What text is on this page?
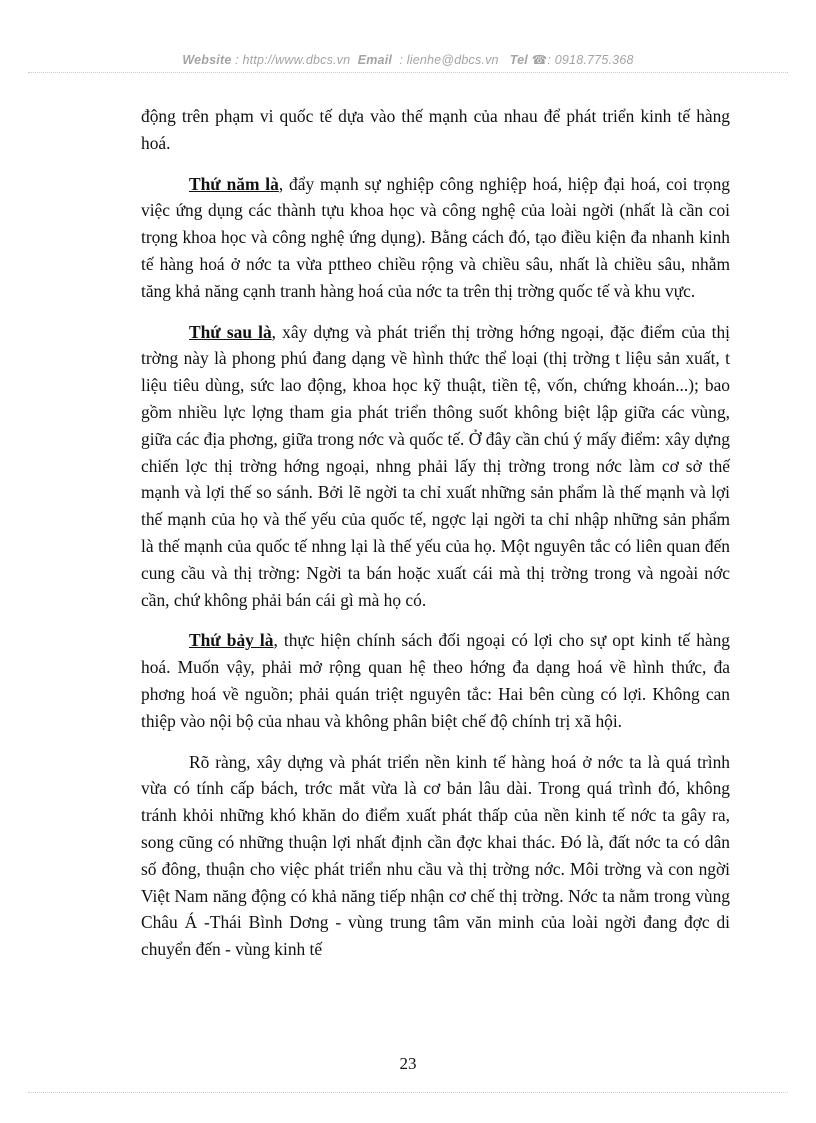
Website : http://www.dbcs.vn Email : lienhe@dbcs.vn Tel ☎: 0918.775.368

động trên phạm vi quốc tế dựa vào thế mạnh của nhau để phát triển kinh tế hàng hoá.

Thứ năm là, đẩy mạnh sự nghiệp công nghiệp hoá, hiệp đại hoá, coi trọng việc ứng dụng các thành tựu khoa học và công nghệ của loài ngời (nhất là cần coi trọng khoa học và công nghệ ứng dụng). Bằng cách đó, tạo điều kiện đa nhanh kinh tế hàng hoá ở nớc ta vừa pttheo chiều rộng và chiều sâu, nhất là chiều sâu, nhằm tăng khả năng cạnh tranh hàng hoá của nớc ta trên thị trờng quốc tế và khu vực.

Thứ sau là, xây dựng và phát triển thị trờng hớng ngoại, đặc điểm của thị trờng này là phong phú đang dạng về hình thức thể loại (thị trờng t liệu sản xuất, t liệu tiêu dùng, sức lao động, khoa học kỹ thuật, tiền tệ, vốn, chứng khoán...); bao gồm nhiều lực lợng tham gia phát triển thông suốt không biệt lập giữa các vùng, giữa các địa phơng, giữa trong nớc và quốc tế. Ở đây cần chú ý mấy điểm: xây dựng chiến lợc thị trờng hớng ngoại, nhng phải lấy thị trờng trong nớc làm cơ sở thế mạnh và lợi thế so sánh. Bởi lẽ ngời ta chỉ xuất những sản phẩm là thế mạnh và lợi thế mạnh của họ và thế yếu của quốc tế, ngợc lại ngời ta chỉ nhập những sản phẩm là thế mạnh của quốc tế nhng lại là thế yếu của họ. Một nguyên tắc có liên quan đến cung cầu và thị trờng: Ngời ta bán hoặc xuất cái mà thị trờng trong và ngoài nớc cần, chứ không phải bán cái gì mà họ có.

Thứ bảy là, thực hiện chính sách đối ngoại có lợi cho sự opt kinh tế hàng hoá. Muốn vậy, phải mở rộng quan hệ theo hớng đa dạng hoá về hình thức, đa phơng hoá về nguồn; phải quán triệt nguyên tắc: Hai bên cùng có lợi. Không can thiệp vào nội bộ của nhau và không phân biệt chế độ chính trị xã hội.

Rõ ràng, xây dựng và phát triển nền kinh tế hàng hoá ở nớc ta là quá trình vừa có tính cấp bách, trớc mắt vừa là cơ bản lâu dài. Trong quá trình đó, không tránh khỏi những khó khăn do điểm xuất phát thấp của nền kinh tế nớc ta gây ra, song cũng có những thuận lợi nhất định cần đợc khai thác. Đó là, đất nớc ta có dân số đông, thuận cho việc phát triển nhu cầu và thị trờng nớc. Môi trờng và con ngời Việt Nam năng động có khả năng tiếp nhận cơ chế thị trờng. Nớc ta nằm trong vùng Châu Á -Thái Bình Dơng - vùng trung tâm văn minh của loài ngời đang đợc di chuyển đến - vùng kinh tế

23
